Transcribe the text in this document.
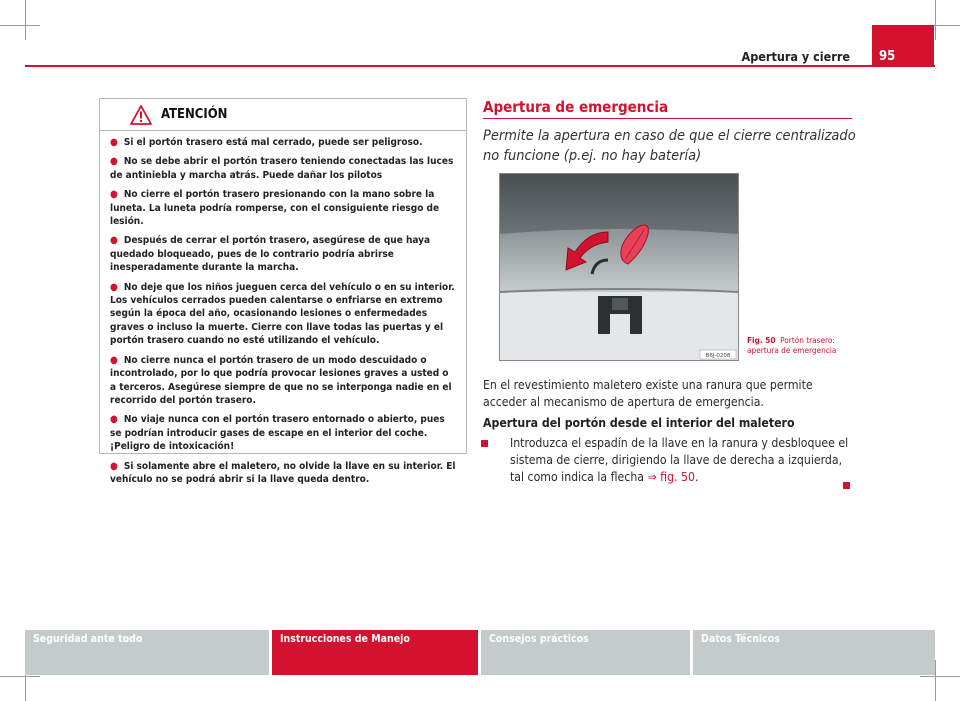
Apertura y cierre	95
ATENCIÓN

● Si el portón trasero está mal cerrado, puede ser peligroso.

● No se debe abrir el portón trasero teniendo conectadas las luces de antiniebla y marcha atrás. Puede dañar los pilotos

● No cierre el portón trasero presionando con la mano sobre la luneta. La luneta podría romperse, con el consiguiente riesgo de lesión.

● Después de cerrar el portón trasero, asegúrese de que haya quedado bloqueado, pues de lo contrario podría abrirse inesperadamente durante la marcha.

● No deje que los niños jueguen cerca del vehículo o en su interior. Los vehículos cerrados pueden calentarse o enfriarse en extremo según la época del año, ocasionando lesiones o enfermedades graves o incluso la muerte. Cierre con llave todas las puertas y el portón trasero cuando no esté utilizando el vehículo.

● No cierre nunca el portón trasero de un modo descuidado o incontrolado, por lo que podría provocar lesiones graves a usted o a terceros. Asegúrese siempre de que no se interponga nadie en el recorrido del portón trasero.

● No viaje nunca con el portón trasero entornado o abierto, pues se podrían introducir gases de escape en el interior del coche. ¡Peligro de intoxicación!

● Si solamente abre el maletero, no olvide la llave en su interior. El vehículo no se podrá abrir si la llave queda dentro.

Apertura de emergencia
Permite la apertura en caso de que el cierre centralizado no funcione (p.ej. no hay batería)
B6J-0208
Fig. 50 Portón trasero: apertura de emergencia
En el revestimiento maletero existe una ranura que permite acceder al mecanismo de apertura de emergencia.
Apertura del portón desde el interior del maletero
– Introduzca el espadín de la llave en la ranura y desbloquee el sistema de cierre, dirigiendo la llave de derecha a izquierda, tal como indica la flecha ⇒ fig. 50.
Seguridad ante todo	Instrucciones de Manejo	Consejos prácticos	Datos Técnicos
